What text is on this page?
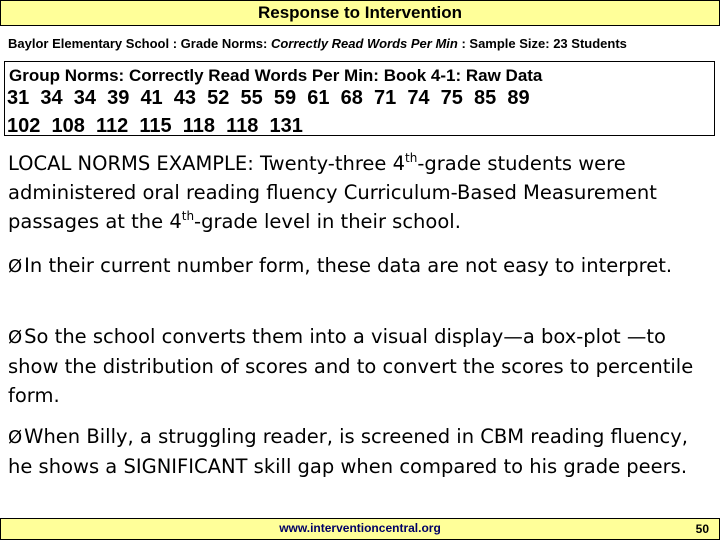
Response to Intervention
Baylor Elementary School : Grade Norms: Correctly Read Words Per Min : Sample Size: 23 Students
Group Norms: Correctly Read Words Per Min: Book 4-1: Raw Data
31  34  34  39  41  43  52  55  59  61  68  71  74  75  85  89
102  108  112  115  118  118  131
LOCAL NORMS EXAMPLE: Twenty-three 4th-grade students were administered oral reading fluency Curriculum-Based Measurement passages at the 4th-grade level in their school.
Ø In their current number form, these data are not easy to interpret.
Ø So the school converts them into a visual display—a box-plot —to show the distribution of scores and to convert the scores to percentile form.
Ø When Billy, a struggling reader, is screened in CBM reading fluency, he shows a SIGNIFICANT skill gap when compared to his grade peers.
www.interventioncentral.org	50
